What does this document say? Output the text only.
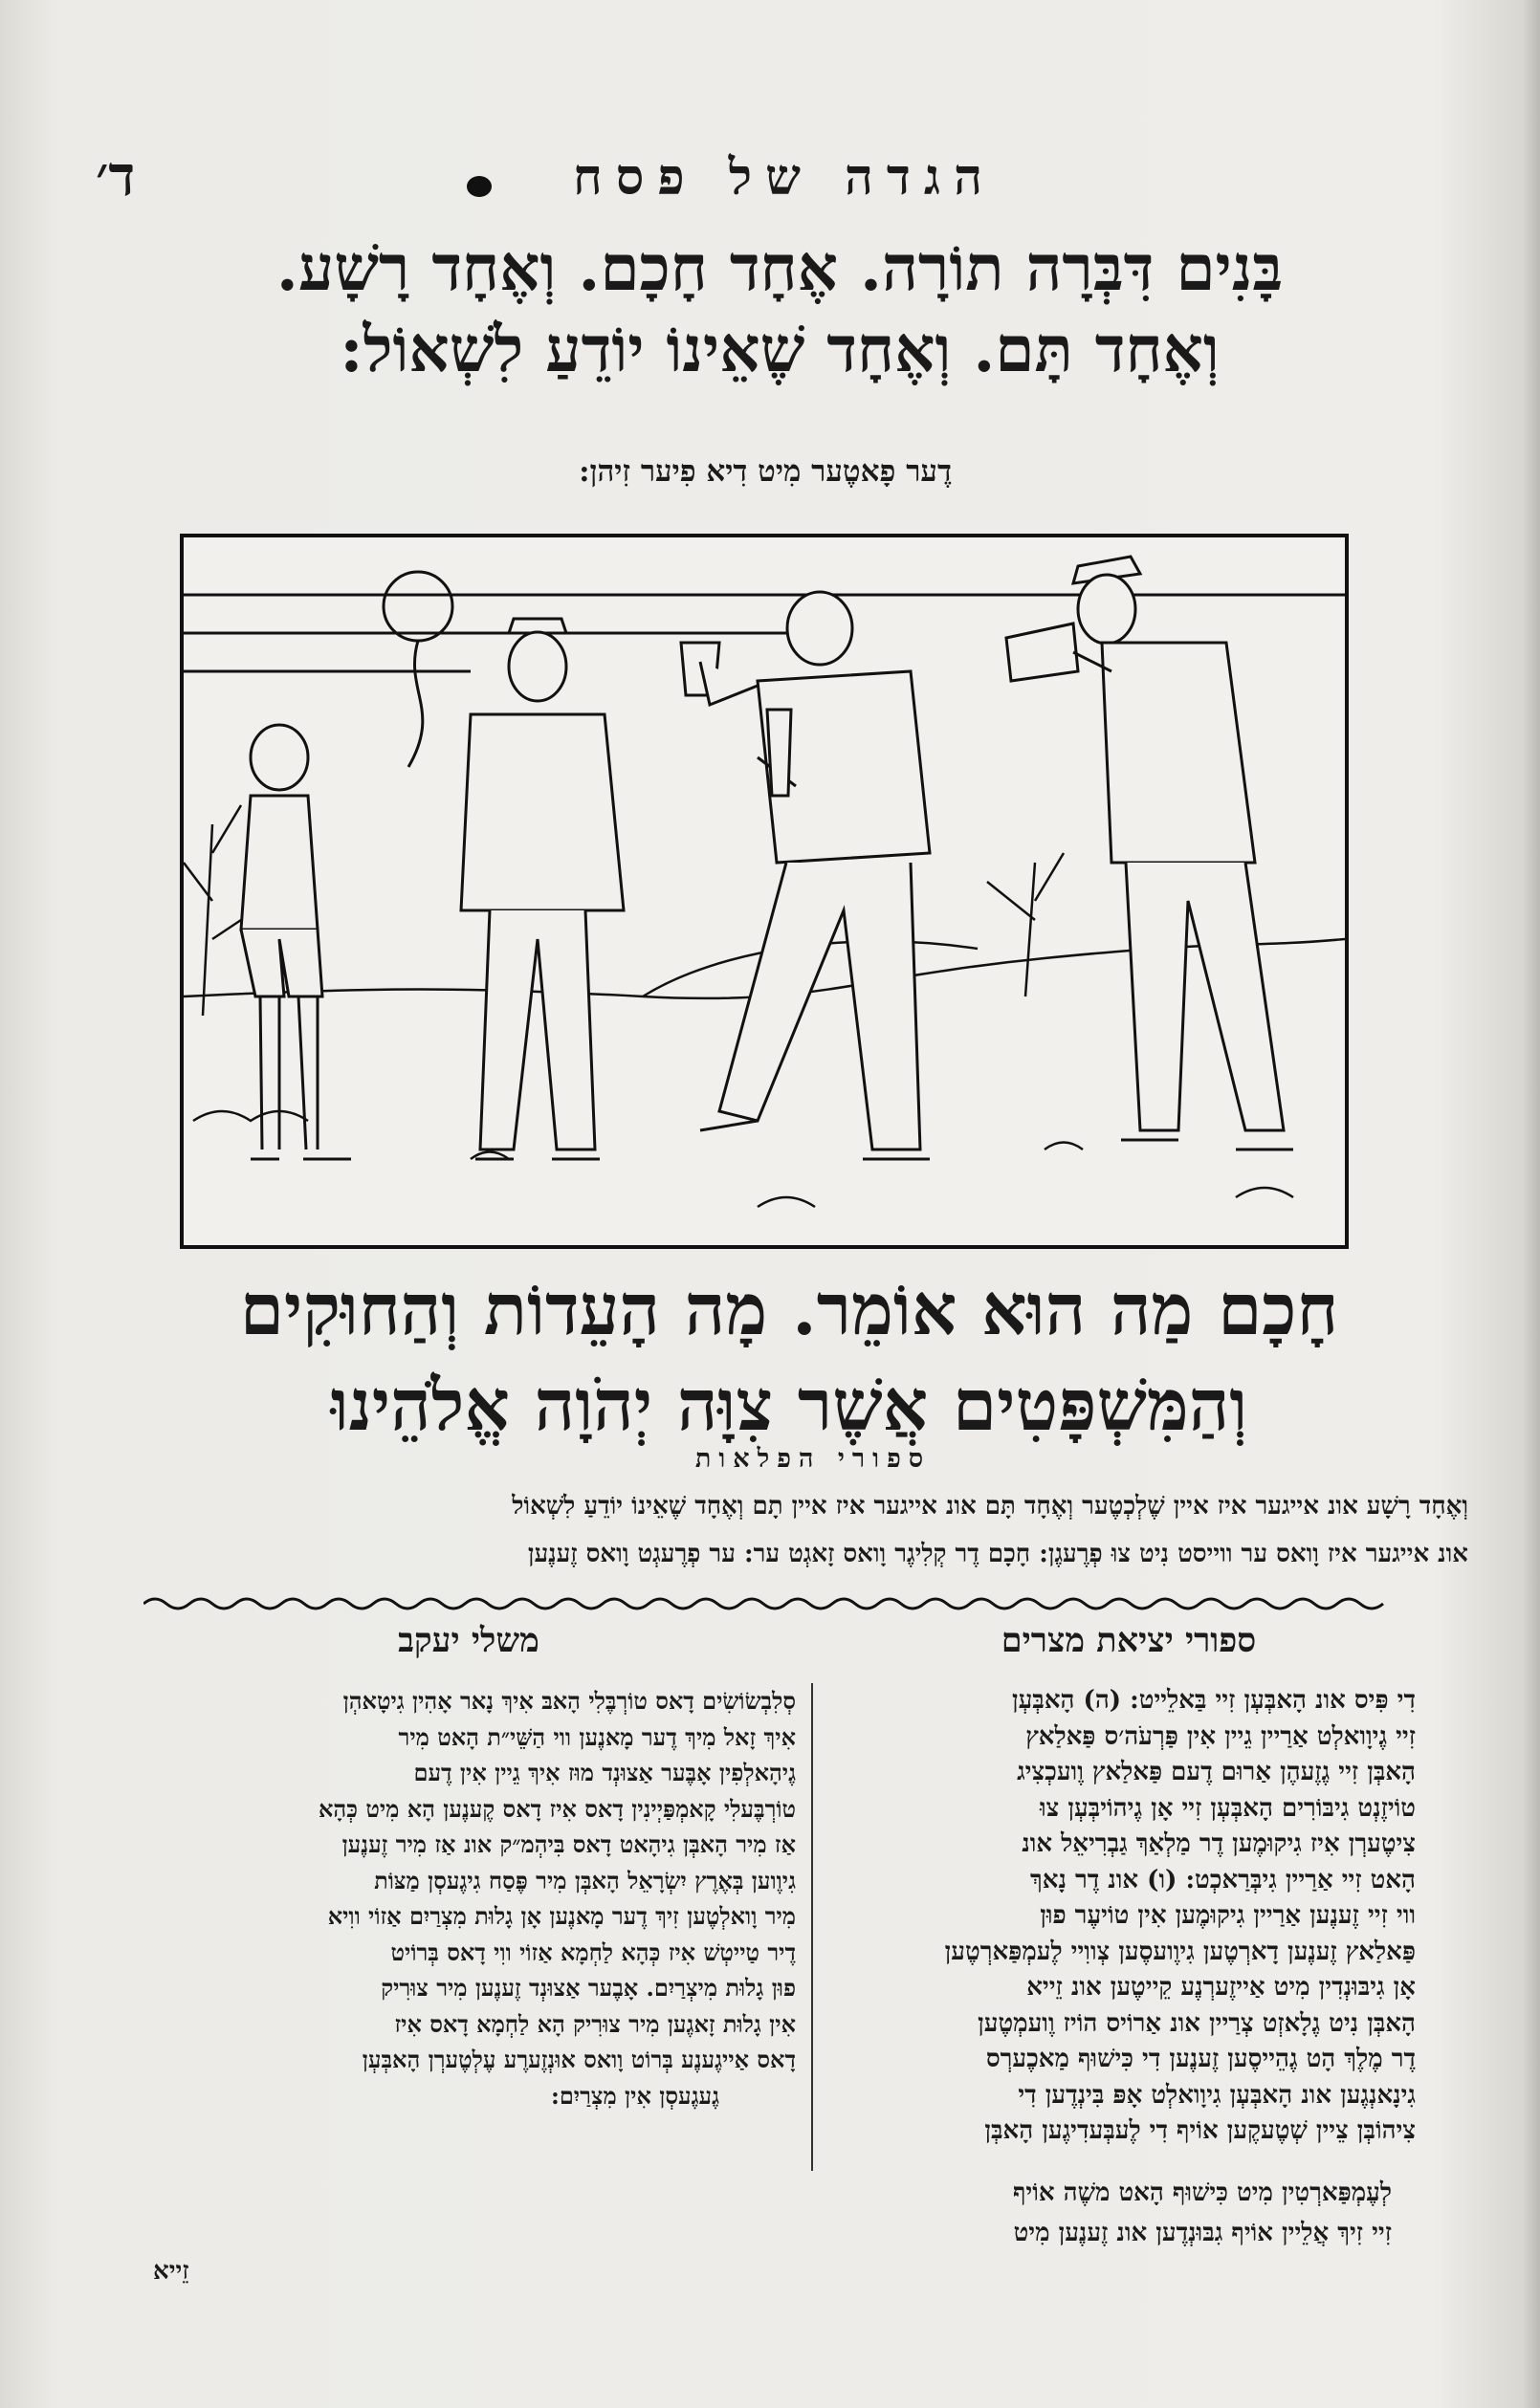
ד׳	הגדה של פסח
בָּנִים דִּבְּרָה תוֹרָה. אֶחָד חָכָם. וְאֶחָד רָשָׁע.
וְאֶחָד תָּם. וְאֶחָד שֶׁאֵינוֹ יוֹדֵעַ לִשְׁאוֹל:
דֶער פָאטֶער מִיט דִיא פִיער זִיהן:
חָכָם מַה הוּא אוֹמֵר. מָה הָעֵדוֹת וְהַחוּקִים
וְהַמִּשְׁפָּטִים אֲשֶׁר צִוָּה יְהֹוָה אֱלֹהֵינוּ
ספורי הפלאות
וְאֶחָד רָשָׁע אונ אייגער איז איין שֶׁלְכְטֶער וְאֶחָד תָּם אונ אייגער איז איין תָם וְאֶחָד שֶׁאֵינוֹ יוֹדֵעַ לִשְׁאוֹל
אונ אייגער איז וָואס ער ווייסט נִיט צוּ פְרֶעגֶן: חָכָם דֶר קְלִיגֶר וָואס זָאגְט ער: ער פְרֶעגְט וָואס זֶענֶען
ספורי יציאת מצרים
משלי יעקב
דִי פִּיס אונ הָאבְּעְן זִיי בַּאלֵייט: (ה) הָאבְּעְן
זִיי גֶיוָואלְט אַרַיין גֵיין אִין פַּרְעֹה׳ס פַּאלַאץ
הָאבְּן זִיי גֶזֶעהֶן אַרוּם דֶעם פַּאלַאץ וֶועכְצִיג
טוֹיזֶנְט גִיבּוֹרִים הָאבְּעְן זִיי אָן גֶיהוֹיבְּעְן צוּ
צִיטֶערְן אִיז גִיקוּמֶען דֶר מַלְאַךְ גַבְרִיאֵל אונ
הָאט זִיי אַרַיין גִיבְּרַאכְט: (ו) אונ דֶר נָאךְ
ווי זִיי זֶענֶען אַרַיין גִיקוּמֶען אִין טוֹיעֶר פוּן
פַּאלַאץ זֶענֶען דָארְטֶען גִיוֶועסֶען צְווִיי לֶעמְפַּארְטֶען
אָן גִיבּוּנְדִין מִיט אַייזֶערְנֶע קֵייטֶען אונ זֵייא
הָאבְּן נִיט גֶלָאזְט צְרַיין אונ אַרוֹיס הוֹיז וֶועמְטֶען
דֶר מֶלֶךְ הָט גֶהֵייסֶען זֶענֶען דִי כִּישׁוּף מַאכֶערְס
גִינָאנְגֶען אונ הָאבְּעְן גִיוָואלְט אָפּ בִּינְדֶען דִי
צִיהוֹבְּן צֵיין שְׁטֶעקֶען אוֹיף דִי לֶעבְּעדִיגֶען הָאבְּן
סְלִבְשׂוֹשִׂים דָאס טוֹרְבֶּלִי הָאבּ אִיךְ נָאר אָהִין גִיטָאהְן
אִיךְ זָאל מִיךְ דֶער מָאנֶען ווי הַשֵּׁי״ת הָאט מִיר
גֶיהָאלְפִין אָבֶּער אַצוּנְד מוּז אִיךְ גֵיין אִין דֶעם
טוֹרְבֶּעלִי קָאמְפַּיְינִין דָאס אִיז דָאס קֶענֶען הָא מִיט כְּהָא
אַז מִיר הָאבְּן גִיהָאט דָאס בִּיהְמ״ק אונ אַז מִיר זֶענֶען
גִיוֶוען בְּאֶרֶץ יִשְׂרָאֵל הָאבְּן מִיר פֶּסַח גִיגֶעסְן מַצּוֹת
מִיר וָואלְטֶען זִיךְ דֶער מָאנֶען אָן גָלוּת מִצְרַיִם אַזוֹי ווִיא
דֶיר טַייטְשׁ אִיז כְּהָא לַחְמָא אַזוֹי ווִי דָאס בְּרוֹיט
פוּן גָלוּת מִיצְרַיִם. אָבֶער אַצוּנְד זֶענֶען מִיר צוּרִיק
אִין גָלוּת זָאגֶען מִיר צוּרִיק הָא לַחְמָא דָאס אִיז
דָאס אַייגֶענֶע בְּרוֹט וָואס אוּנְזֶערֶע עֶלְטֶערְן הָאבְּעְן
גֶעגֶעסְן אִין מִצְרַיִם:
לְעֶמְפַּארְטִין מִיט כִּישׁוּף הָאט משֶׁה אוֹיף
זִיי זִיךְ אֲלֵיין אוֹיף גִבּוּנְדֶען אונ זֶענֶען מִיט
זֵייא
